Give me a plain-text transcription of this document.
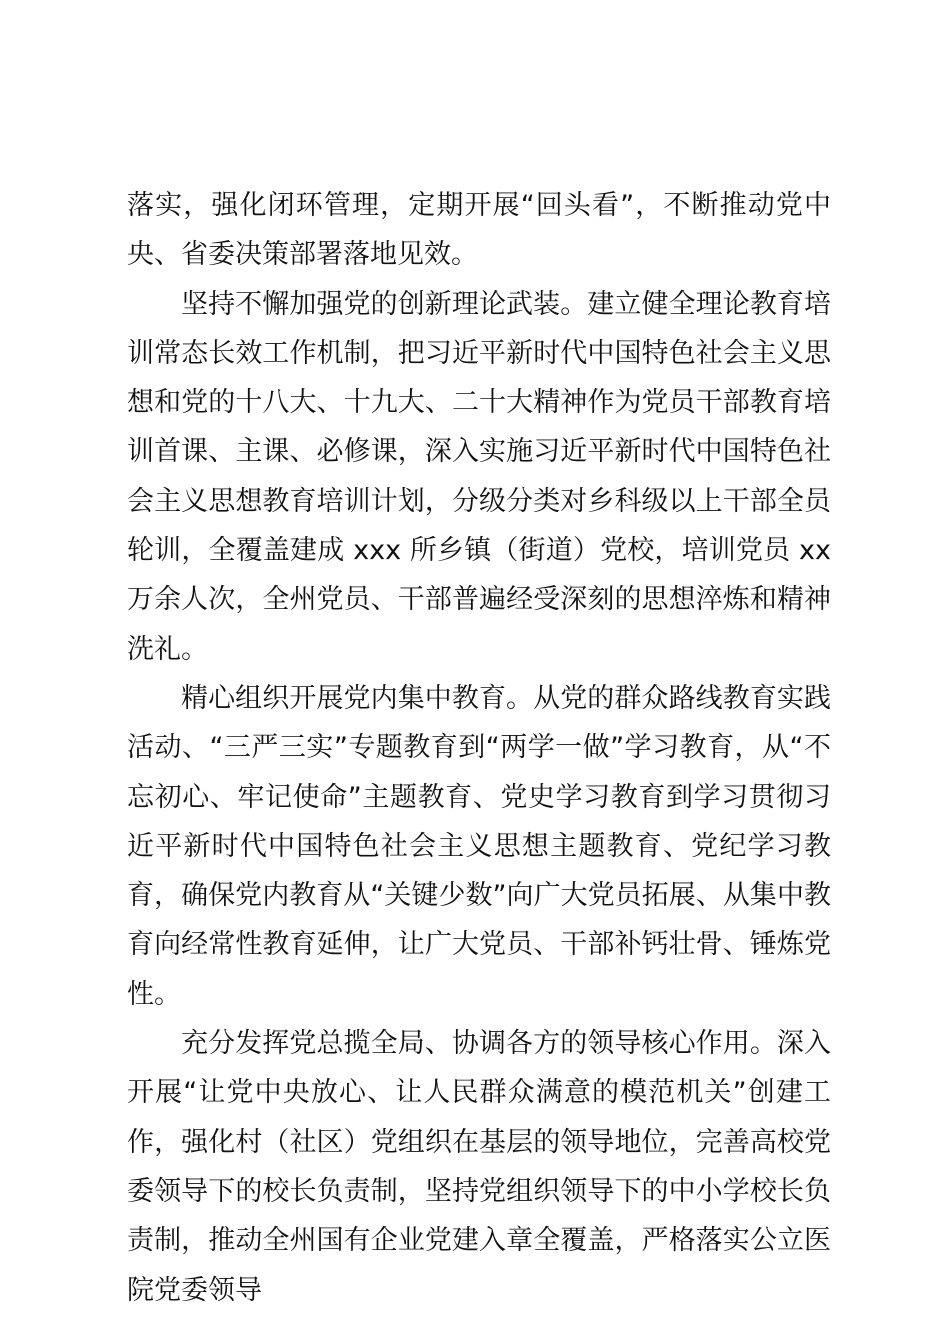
落实，强化闭环管理，定期开展“回头看”，不断推动党中央、省委决策部署落地见效。

坚持不懈加强党的创新理论武装。建立健全理论教育培训常态长效工作机制，把习近平新时代中国特色社会主义思想和党的十八大、十九大、二十大精神作为党员干部教育培训首课、主课、必修课，深入实施习近平新时代中国特色社会主义思想教育培训计划，分级分类对乡科级以上干部全员轮训，全覆盖建成 xxx 所乡镇（街道）党校，培训党员 xx 万余人次，全州党员、干部普遍经受深刻的思想淬炼和精神洗礼。

精心组织开展党内集中教育。从党的群众路线教育实践活动、“三严三实”专题教育到“两学一做”学习教育，从“不忘初心、牢记使命”主题教育、党史学习教育到学习贯彻习近平新时代中国特色社会主义思想主题教育、党纪学习教育，确保党内教育从“关键少数”向广大党员拓展、从集中教育向经常性教育延伸，让广大党员、干部补钙壮骨、锤炼党性。

充分发挥党总揽全局、协调各方的领导核心作用。深入开展“让党中央放心、让人民群众满意的模范机关”创建工作，强化村（社区）党组织在基层的领导地位，完善高校党委领导下的校长负责制，坚持党组织领导下的中小学校长负责制，推动全州国有企业党建入章全覆盖，严格落实公立医院党委领导
